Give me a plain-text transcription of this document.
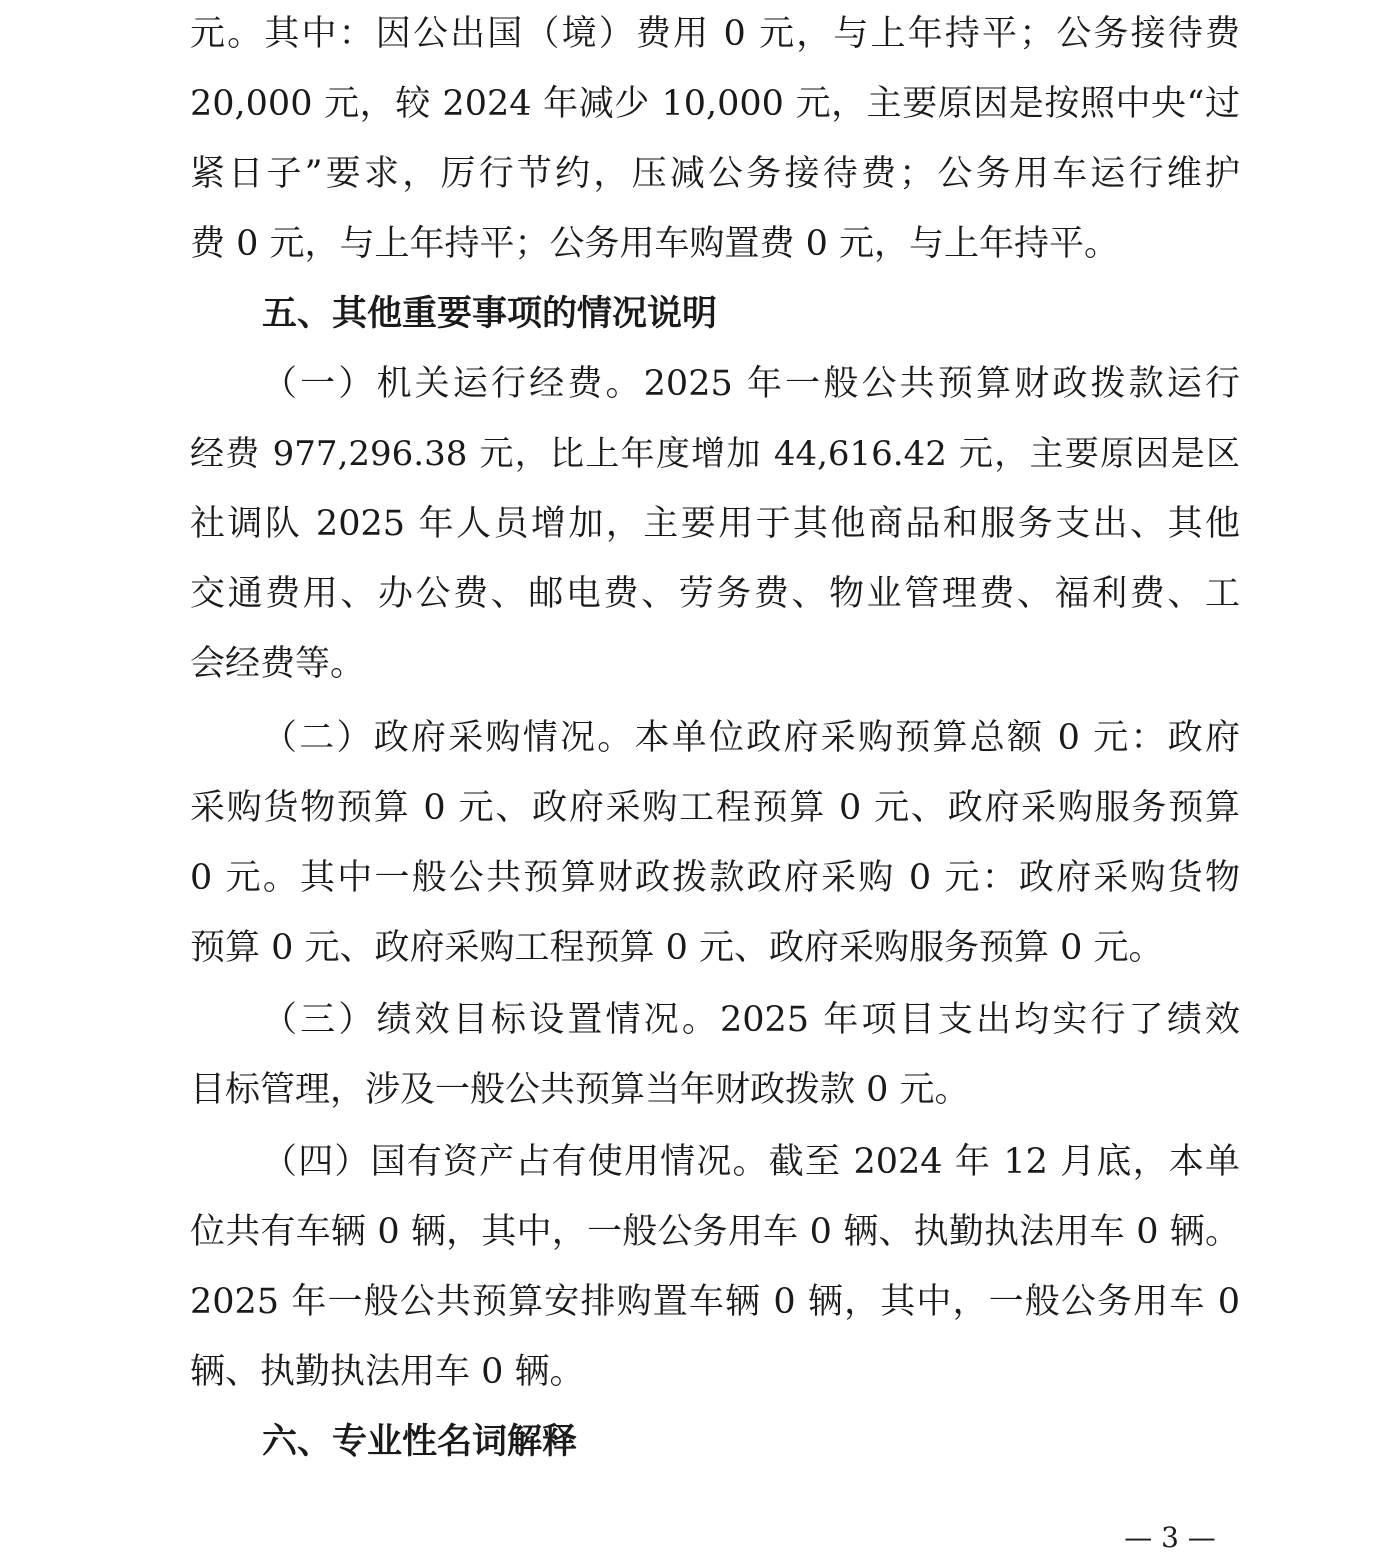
元。其中：因公出国（境）费用 0 元，与上年持平；公务接待费
20,000 元，较 2024 年减少 10,000 元，主要原因是按照中央“过
紧日子”要求，厉行节约，压减公务接待费；公务用车运行维护
费 0 元，与上年持平；公务用车购置费 0 元，与上年持平。
五、其他重要事项的情况说明
（一）机关运行经费。2025 年一般公共预算财政拨款运行
经费 977,296.38 元，比上年度增加 44,616.42 元，主要原因是区
社调队 2025 年人员增加，主要用于其他商品和服务支出、其他
交通费用、办公费、邮电费、劳务费、物业管理费、福利费、工
会经费等。
（二）政府采购情况。本单位政府采购预算总额 0 元：政府
采购货物预算 0 元、政府采购工程预算 0 元、政府采购服务预算
0 元。其中一般公共预算财政拨款政府采购 0 元：政府采购货物
预算 0 元、政府采购工程预算 0 元、政府采购服务预算 0 元。
（三）绩效目标设置情况。2025 年项目支出均实行了绩效
目标管理，涉及一般公共预算当年财政拨款 0 元。
（四）国有资产占有使用情况。截至 2024 年 12 月底，本单
位共有车辆 0 辆，其中，一般公务用车 0 辆、执勤执法用车 0 辆。
2025 年一般公共预算安排购置车辆 0 辆，其中，一般公务用车 0
辆、执勤执法用车 0 辆。
六、专业性名词解释
— 3 —
